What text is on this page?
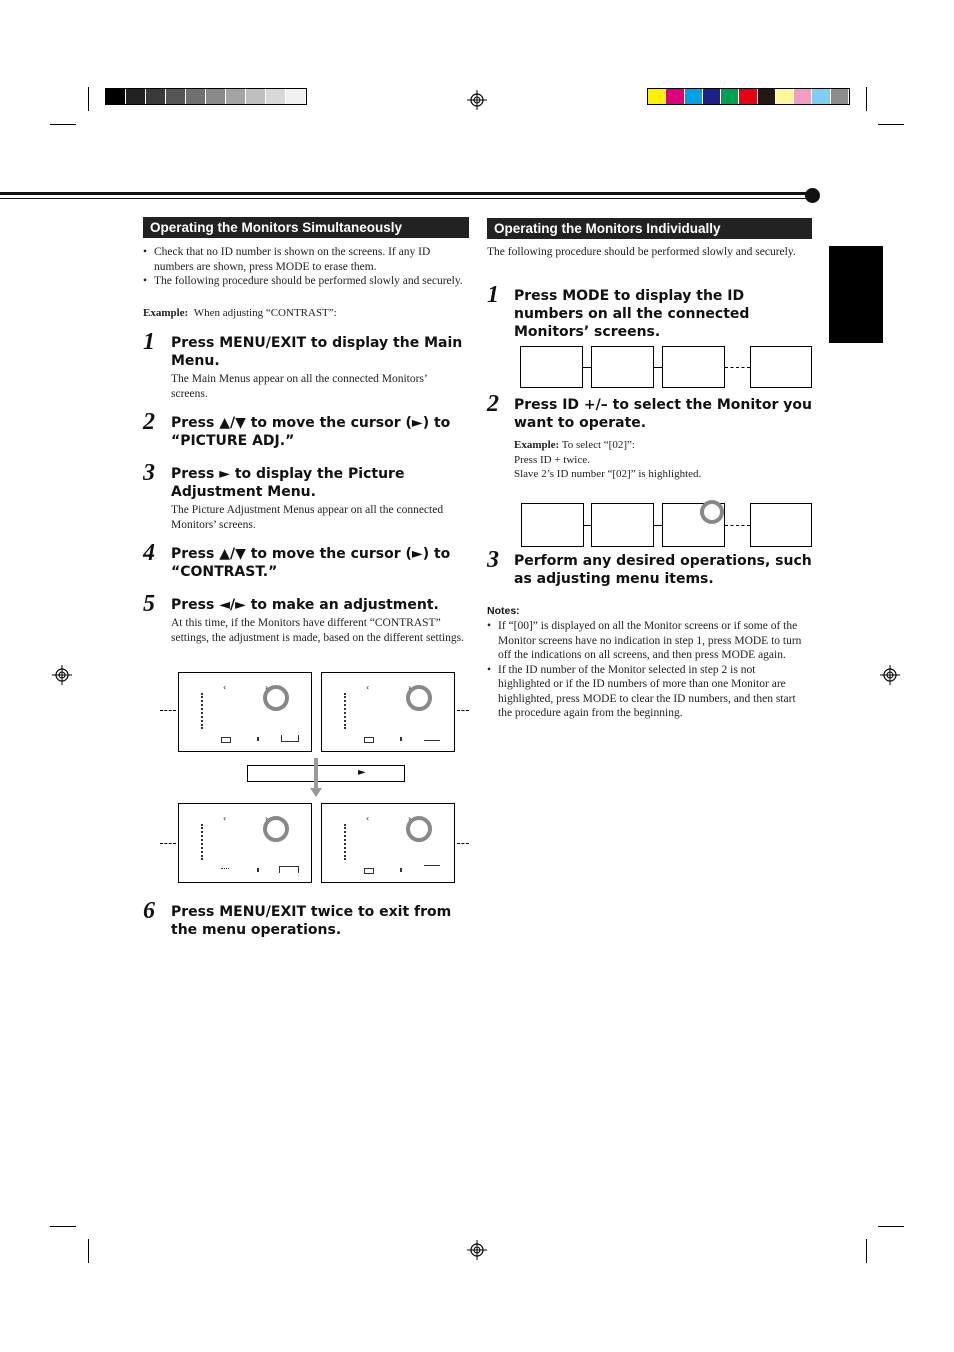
Operating the Monitors Simultaneously
• Check that no ID number is shown on the screens. If any ID numbers are shown, press MODE to erase them.
• The following procedure should be performed slowly and securely.
Example: When adjusting “CONTRAST”:
1 Press MENU/EXIT to display the Main Menu.
The Main Menus appear on all the connected Monitors’ screens.
2 Press ▲/▼ to move the cursor (►) to “PICTURE ADJ.”
3 Press ► to display the Picture Adjustment Menu.
The Picture Adjustment Menus appear on all the connected Monitors’ screens.
4 Press ▲/▼ to move the cursor (►) to “CONTRAST.”
5 Press ◄/► to make an adjustment.
At this time, if the Monitors have different “CONTRAST” settings, the adjustment is made, based on the different settings.
‹	›	‹	›
►
‹	›	‹	›
6 Press MENU/EXIT twice to exit from the menu operations.
Operating the Monitors Individually
The following procedure should be performed slowly and securely.
1 Press MODE to display the ID numbers on all the connected Monitors’ screens.
2 Press ID +/– to select the Monitor you want to operate.
Example: To select “[02]”:
Press ID + twice.
Slave 2’s ID number “[02]” is highlighted.
3 Perform any desired operations, such as adjusting menu items.
Notes:
• If “[00]” is displayed on all the Monitor screens or if some of the Monitor screens have no indication in step 1, press MODE to turn off the indications on all screens, and then press MODE again.
• If the ID number of the Monitor selected in step 2 is not highlighted or if the ID numbers of more than one Monitor are highlighted, press MODE to clear the ID numbers, and then start the procedure again from the beginning.
